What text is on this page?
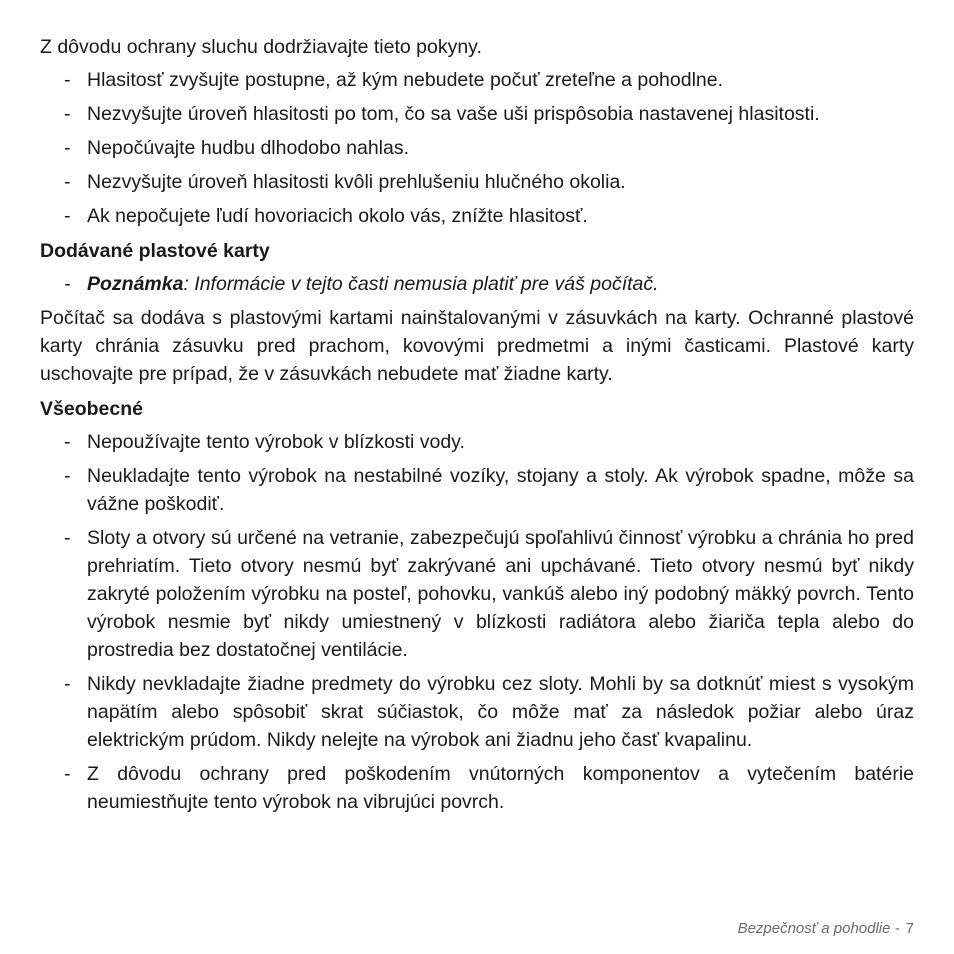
Z dôvodu ochrany sluchu dodržiavajte tieto pokyny.

- Hlasitosť zvyšujte postupne, až kým nebudete počuť zreteľne a pohodlne.
- Nezvyšujte úroveň hlasitosti po tom, čo sa vaše uši prispôsobia nastavenej hlasitosti.
- Nepočúvajte hudbu dlhodobo nahlas.
- Nezvyšujte úroveň hlasitosti kvôli prehlušeniu hlučného okolia.
- Ak nepočujete ľudí hovoriacich okolo vás, znížte hlasitosť.
Dodávané plastové karty
- Poznámka: Informácie v tejto časti nemusia platiť pre váš počítač.

Počítač sa dodáva s plastovými kartami nainštalovanými v zásuvkách na karty. Ochranné plastové karty chránia zásuvku pred prachom, kovovými predmetmi a inými časticami. Plastové karty uschovajte pre prípad, že v zásuvkách nebudete mať žiadne karty.

Všeobecné
- Nepoužívajte tento výrobok v blízkosti vody.
- Neukladajte tento výrobok na nestabilné vozíky, stojany a stoly. Ak výrobok spadne, môže sa vážne poškodiť.
- Sloty a otvory sú určené na vetranie, zabezpečujú spoľahlivú činnosť výrobku a chránia ho pred prehriatím. Tieto otvory nesmú byť zakrývané ani upchávané. Tieto otvory nesmú byť nikdy zakryté položením výrobku na posteľ, pohovku, vankúš alebo iný podobný mäkký povrch. Tento výrobok nesmie byť nikdy umiestnený v blízkosti radiátora alebo žiariča tepla alebo do prostredia bez dostatočnej ventilácie.
- Nikdy nevkladajte žiadne predmety do výrobku cez sloty. Mohli by sa dotknúť miest s vysokým napätím alebo spôsobiť skrat súčiastok, čo môže mať za následok požiar alebo úraz elektrickým prúdom. Nikdy nelejte na výrobok ani žiadnu jeho časť kvapalinu.
- Z dôvodu ochrany pred poškodením vnútorných komponentov a vytečením batérie neumiestňujte tento výrobok na vibrujúci povrch.
Bezpečnosť a pohodlie - 7
